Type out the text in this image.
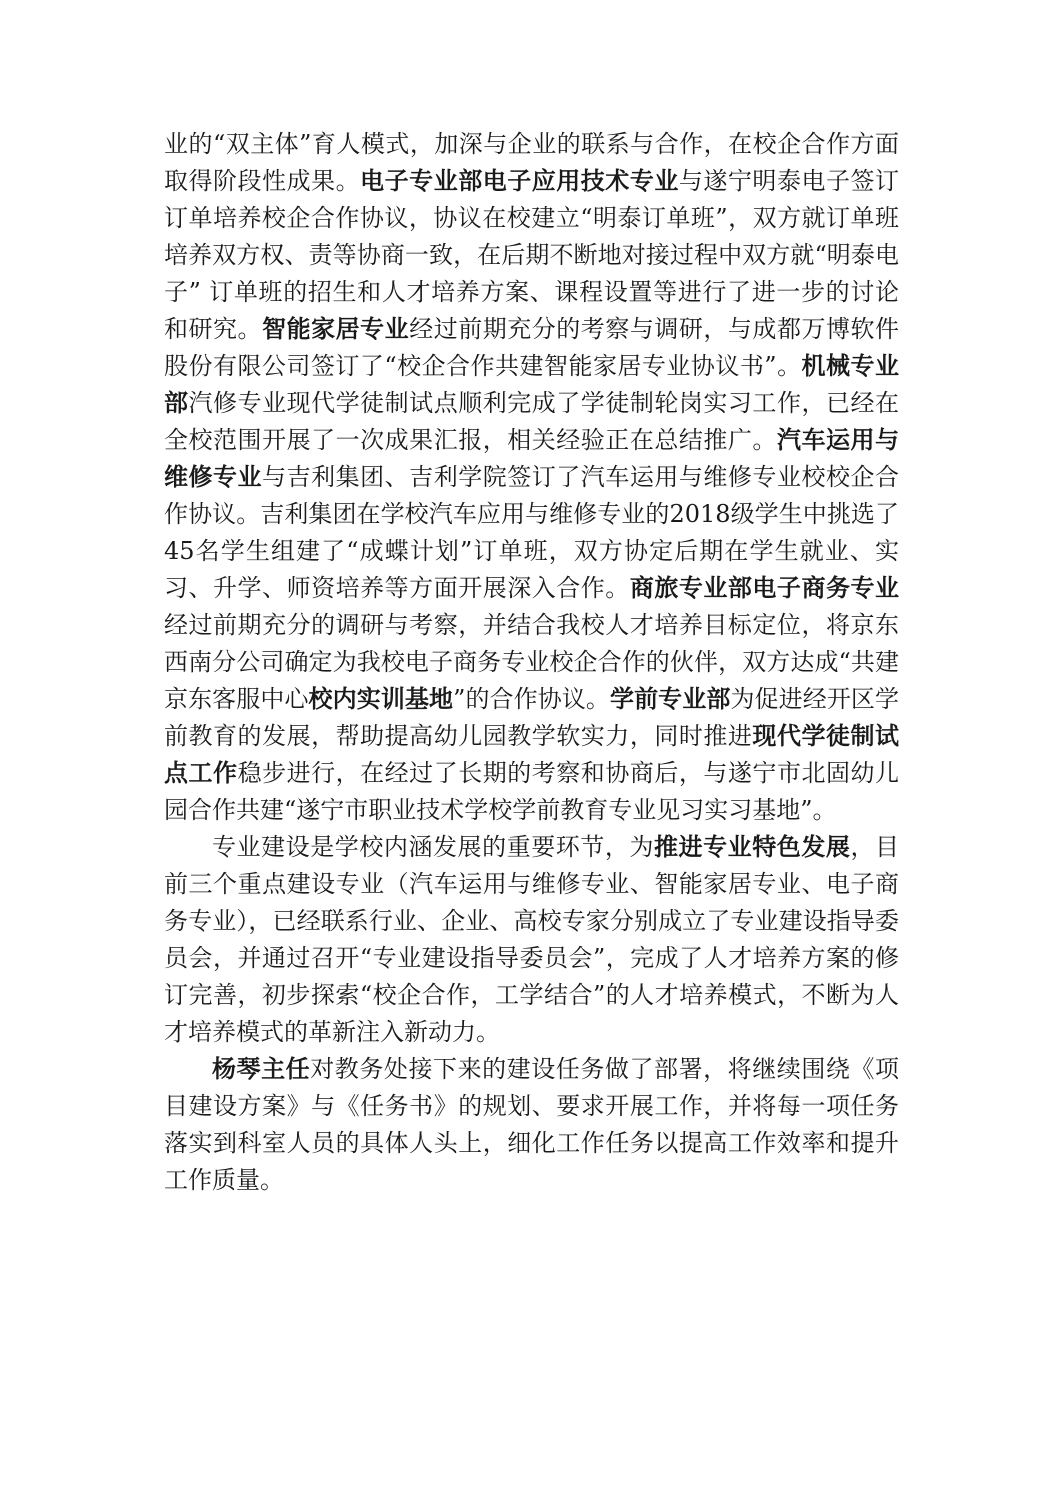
业的“双主体”育人模式，加深与企业的联系与合作，在校企合作方面取得阶段性成果。电子专业部电子应用技术专业与遂宁明泰电子签订订单培养校企合作协议，协议在校建立“明泰订单班”，双方就订单班培养双方权、责等协商一致，在后期不断地对接过程中双方就“明泰电子” 订单班的招生和人才培养方案、课程设置等进行了进一步的讨论和研究。智能家居专业经过前期充分的考察与调研，与成都万博软件股份有限公司签订了“校企合作共建智能家居专业协议书”。机械专业部汽修专业现代学徒制试点顺利完成了学徒制轮岗实习工作，已经在全校范围开展了一次成果汇报，相关经验正在总结推广。汽车运用与维修专业与吉利集团、吉利学院签订了汽车运用与维修专业校校企合作协议。吉利集团在学校汽车应用与维修专业的2018级学生中挑选了45名学生组建了“成蝶计划”订单班，双方协定后期在学生就业、实习、升学、师资培养等方面开展深入合作。商旅专业部电子商务专业经过前期充分的调研与考察，并结合我校人才培养目标定位，将京东西南分公司确定为我校电子商务专业校企合作的伙伴，双方达成“共建京东客服中心校内实训基地”的合作协议。学前专业部为促进经开区学前教育的发展，帮助提高幼儿园教学软实力，同时推进现代学徒制试点工作稳步进行，在经过了长期的考察和协商后，与遂宁市北固幼儿园合作共建“遂宁市职业技术学校学前教育专业见习实习基地”。

专业建设是学校内涵发展的重要环节，为推进专业特色发展，目前三个重点建设专业（汽车运用与维修专业、智能家居专业、电子商务专业），已经联系行业、企业、高校专家分别成立了专业建设指导委员会，并通过召开“专业建设指导委员会”，完成了人才培养方案的修订完善，初步探索“校企合作，工学结合”的人才培养模式，不断为人才培养模式的革新注入新动力。

杨琴主任对教务处接下来的建设任务做了部署，将继续围绕《项目建设方案》与《任务书》的规划、要求开展工作，并将每一项任务落实到科室人员的具体人头上，细化工作任务以提高工作效率和提升工作质量。
